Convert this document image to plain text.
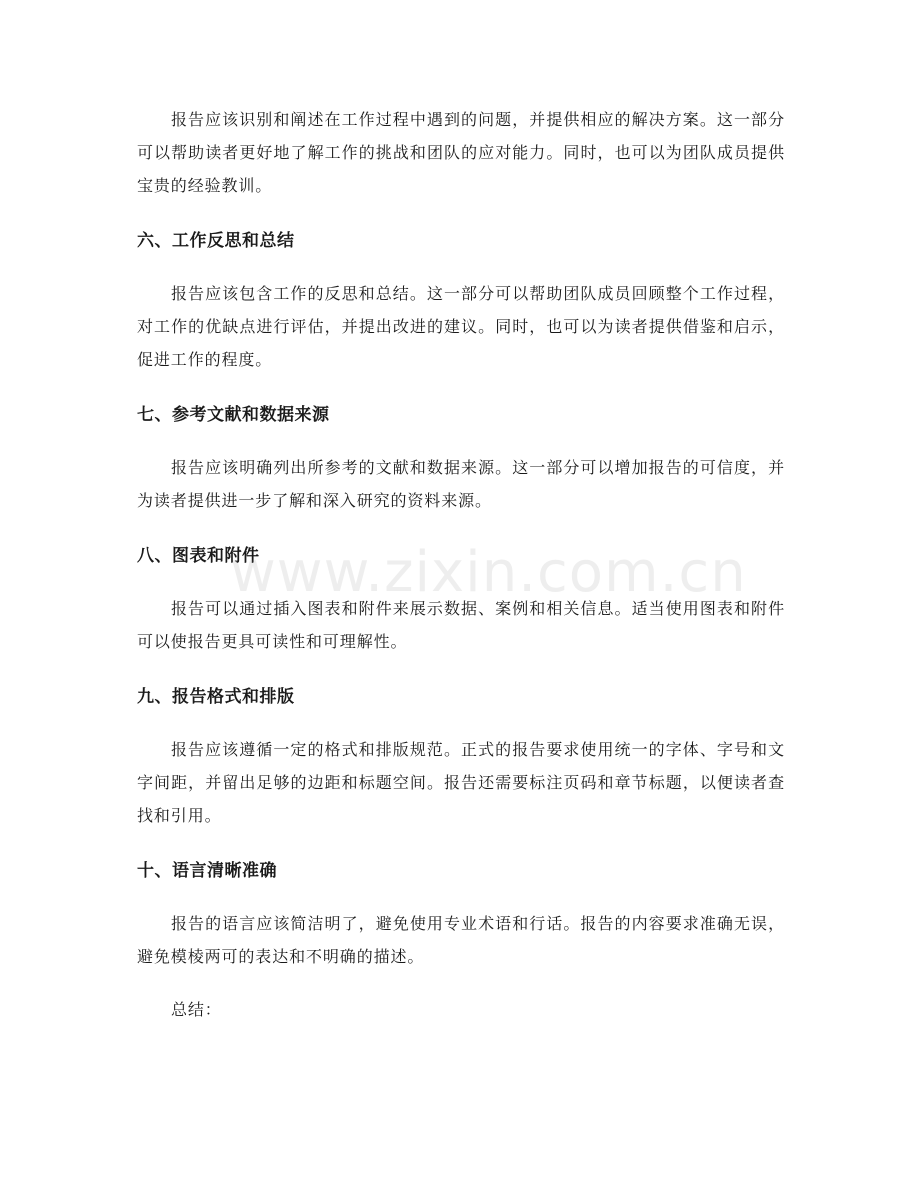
报告应该识别和阐述在工作过程中遇到的问题，并提供相应的解决方案。这一部分可以帮助读者更好地了解工作的挑战和团队的应对能力。同时，也可以为团队成员提供宝贵的经验教训。

六、工作反思和总结

报告应该包含工作的反思和总结。这一部分可以帮助团队成员回顾整个工作过程，对工作的优缺点进行评估，并提出改进的建议。同时，也可以为读者提供借鉴和启示，促进工作的程度。

七、参考文献和数据来源

报告应该明确列出所参考的文献和数据来源。这一部分可以增加报告的可信度，并为读者提供进一步了解和深入研究的资料来源。

八、图表和附件

报告可以通过插入图表和附件来展示数据、案例和相关信息。适当使用图表和附件可以使报告更具可读性和可理解性。

九、报告格式和排版

报告应该遵循一定的格式和排版规范。正式的报告要求使用统一的字体、字号和文字间距，并留出足够的边距和标题空间。报告还需要标注页码和章节标题，以便读者查找和引用。

十、语言清晰准确

报告的语言应该简洁明了，避免使用专业术语和行话。报告的内容要求准确无误，避免模棱两可的表达和不明确的描述。

总结：

www.zixin.com.cn
